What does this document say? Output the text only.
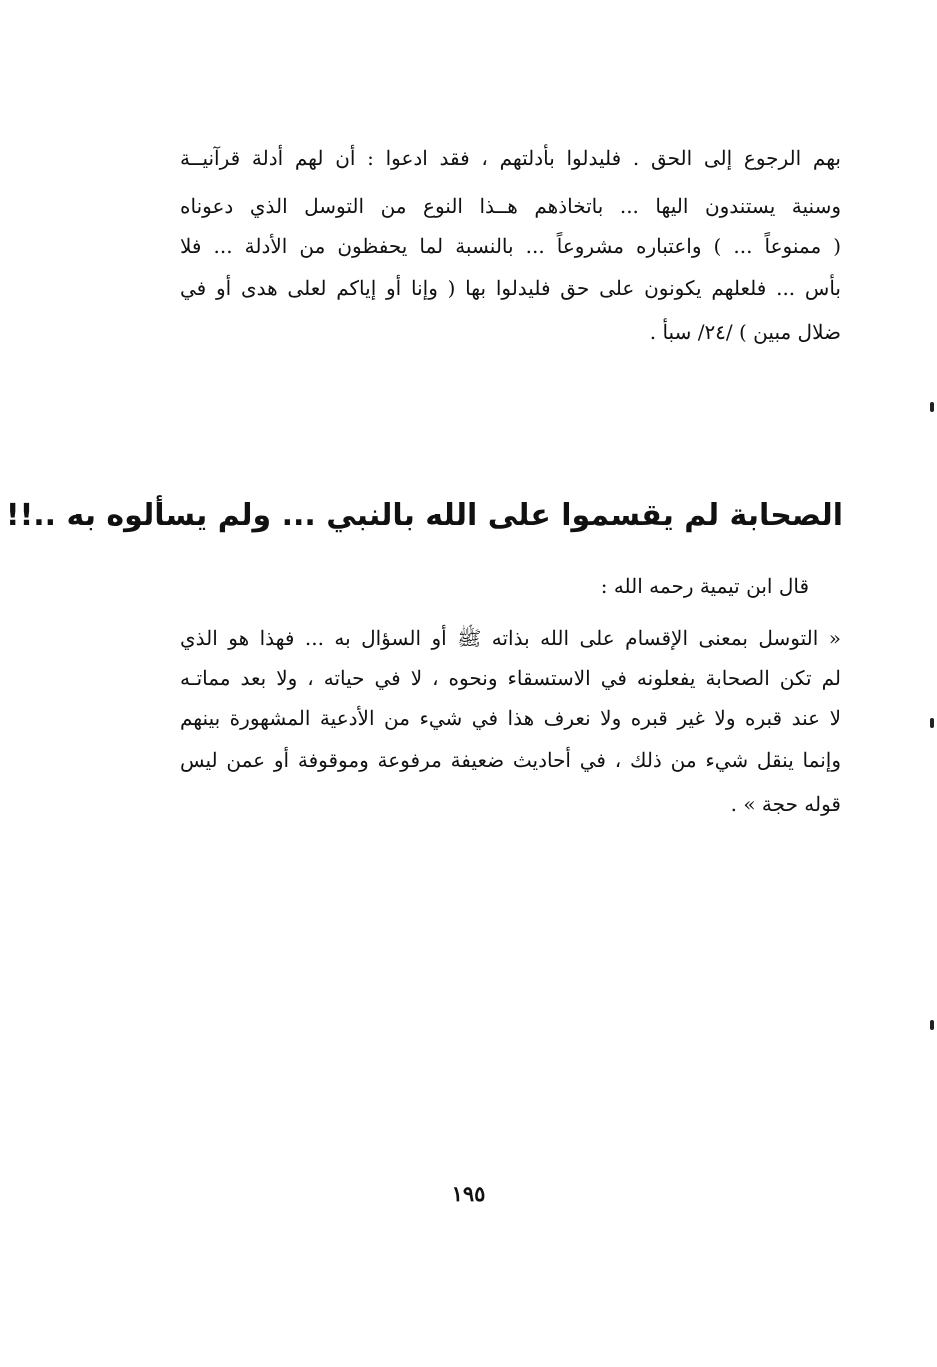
بهم الرجوع إلى الحق . فليدلوا بأدلتهم ، فقد ادعوا : أن لهم أدلة قرآنيــة
وسنية يستندون اليها ... باتخاذهم هــذا النوع من التوسل الذي دعوناه
( ممنوعاً ... ) واعتباره مشروعاً ... بالنسبة لما يحفظون من الأدلة ... فلا
بأس ... فلعلهم يكونون على حق فليدلوا بها ( وإنا أو إياكم لعلى هدى أو في
ضلال مبين ) /٢٤/ سبأ .
الصحابة لم يقسموا على الله بالنبي ... ولم يسألوه به ..!!
قال ابن تيمية رحمه الله :
« التوسل بمعنى الإقسام على الله بذاته ﷺ أو السؤال به ... فهذا هو الذي
لم تكن الصحابة يفعلونه في الاستسقاء ونحوه ، لا في حياته ، ولا بعد مماتـه
لا عند قبره ولا غير قبره ولا نعرف هذا في شيء من الأدعية المشهورة بينهم
وإنما ينقل شيء من ذلك ، في أحاديث ضعيفة مرفوعة وموقوفة أو عمن ليس
قوله حجة » .
١٩٥
